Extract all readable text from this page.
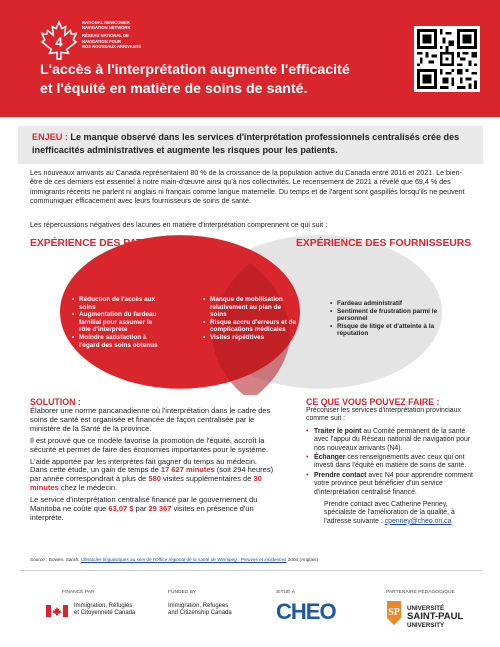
4
NATIONAL NEWCOMER
NAVIGATION NETWORK
RÉSEAU NATIONAL DE
NAVIGATION POUR
NOS NOUVEAUX ARRIVANTS
L'accès à l'interprétation augmente l'efficacité
et l'équité en matière de soins de santé.
ENJEU : Le manque observé dans les services d'interprétation professionnels centralisés crée des inefficacités administratives et augmente les risques pour les patients.

Les nouveaux arrivants au Canada représentaient 80 % de la croissance de la population active du Canada entre 2016 et 2021. Le bien-être de ces derniers est essentiel à notre main-d'œuvre ainsi qu'à nos collectivités. Le recensement de 2021 a révélé que 69,4 % des immigrants récents ne parlent ni anglais ni français comme langue maternelle. Du temps et de l'argent sont gaspillés lorsqu'ils ne peuvent communiquer efficacement avec leurs fournisseurs de soins de santé.

Les répercussions négatives des lacunes en matière d'interprétation comprennent ce qui suit :

EXPÉRIENCE DES PATIENTS	EXPÉRIENCE DES FOURNISSEURS
• Réduction de l'accès aux soins
• Augmentation du fardeau familial pour assumer le rôle d'interprète
• Moindre satisfaction à l'égard des soins obtenus
• Manque de mobilisation relativement au plan de soins
• Risque accru d'erreurs et de complications médicales
• Visites répétitives
• Fardeau administratif
• Sentiment de frustration parmi le personnel
• Risque de litige et d'atteinte à la réputation
SOLUTION :

Élaborer une norme pancanadienne où l'interprétation dans le cadre des soins de santé est organisée et financée de façon centralisée par le ministère de la Santé de la province.

Il est prouvé que ce modèle favorise la promotion de l'équité, accroît la sécurité et permet de faire des économies importantes pour le système.

L'aide apportée par les interprètes fait gagner du temps au médecin. Dans cette étude, un gain de temps de 17 627 minutes (soit 294 heures) par année correspondrait à plus de 580 visites supplémentaires de 30 minutes chez le médecin.

Le service d'interprétation centralisé financé par le gouvernement du Manitoba ne coûte que 63,07 $ par 29 367 visites en présence d'un interprète.

CE QUE VOUS POUVEZ FAIRE :
Préconiser les services d'interprétation provinciaux comme suit :
• Traiter le point au Comité permanent de la santé avec l'appui du Réseau national de navigation pour nos nouveaux arrivants (N4).
• Échanger ces renseignements avec ceux qui ont investi dans l'équité en matière de soins de santé.
• Prendre contact avec N4 pour apprendre comment votre province peut bénéficier d'un service d'interprétation centralisé financé.
Prendre contact avec Catherine Penney, spécialiste de l'amélioration de la qualité, à l'adresse suivante : cpenney@cheo.on.ca
Source : Bowen, Sarah, Obstacles linguistiques au sein de l'Office régional de la santé de Winnipeg : Preuves et incidences 2004 (Anglais)
FINANCÉ PAR
Immigration, Réfugiés
et Citoyenneté Canada
FUNDED BY
Immigration, Refugees
and Citizenship Canada
SITUÉ À
CHEO
PARTENAIRE PÉDAGOGIQUE
SP UNIVERSITÉ
SAINT-PAUL
UNIVERSITY
